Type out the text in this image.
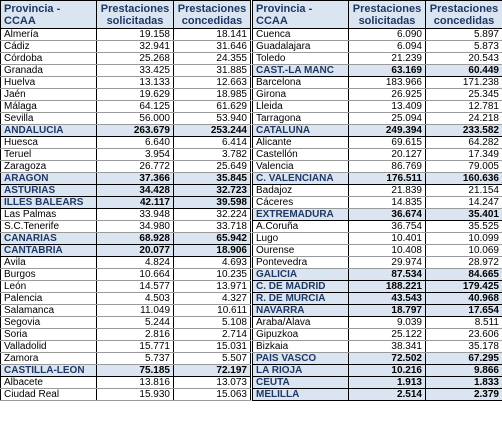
Provincia - CCAA	Prestaciones solicitadas	Prestaciones concedidas
Almería	19.158	18.141
Cádiz	32.941	31.646
Córdoba	25.268	24.355
Granada	33.425	31.885
Huelva	13.133	12.663
Jaén	19.629	18.985
Málaga	64.125	61.629
Sevilla	56.000	53.940
ANDALUCÍA	263.679	253.244
Huesca	6.640	6.414
Teruel	3.954	3.782
Zaragoza	26.772	25.649
ARAGÓN	37.366	35.845
ASTURIAS	34.428	32.723
ILLES BALEARS	42.117	39.598
Las Palmas	33.948	32.224
S.C.Tenerife	34.980	33.718
CANARIAS	68.928	65.942
CANTABRIA	20.077	18.906
Ávila	4.824	4.693
Burgos	10.664	10.235
León	14.577	13.971
Palencia	4.503	4.327
Salamanca	11.049	10.611
Segovia	5.244	5.108
Soria	2.816	2.714
Valladolid	15.771	15.031
Zamora	5.737	5.507
CASTILLA-LEÓN	75.185	72.197
Albacete	13.816	13.073
Ciudad Real	15.930	15.063
Provincia - CCAA	Prestaciones solicitadas	Prestaciones concedidas
Cuenca	6.090	5.897
Guadalajara	6.094	5.873
Toledo	21.239	20.543
CAST.-LA MANC	63.169	60.449
Barcelona	183.966	171.238
Girona	26.925	25.345
Lleida	13.409	12.781
Tarragona	25.094	24.218
CATALUÑA	249.394	233.582
Alicante	69.615	64.282
Castellón	20.127	17.349
Valencia	86.769	79.005
C. VALENCIANA	176.511	160.636
Badajoz	21.839	21.154
Cáceres	14.835	14.247
EXTREMADURA	36.674	35.401
A.Coruña	36.754	35.525
Lugo	10.401	10.099
Ourense	10.408	10.069
Pontevedra	29.974	28.972
GALICIA	87.534	84.665
C. DE MADRID	188.221	179.425
R. DE MURCIA	43.543	40.968
NAVARRA	18.797	17.654
Araba/Álava	9.039	8.511
Gipuzkoa	25.122	23.606
Bizkaia	38.341	35.178
PAÍS VASCO	72.502	67.295
LA RIOJA	10.216	9.866
CEUTA	1.913	1.833
MELILLA	2.514	2.379
